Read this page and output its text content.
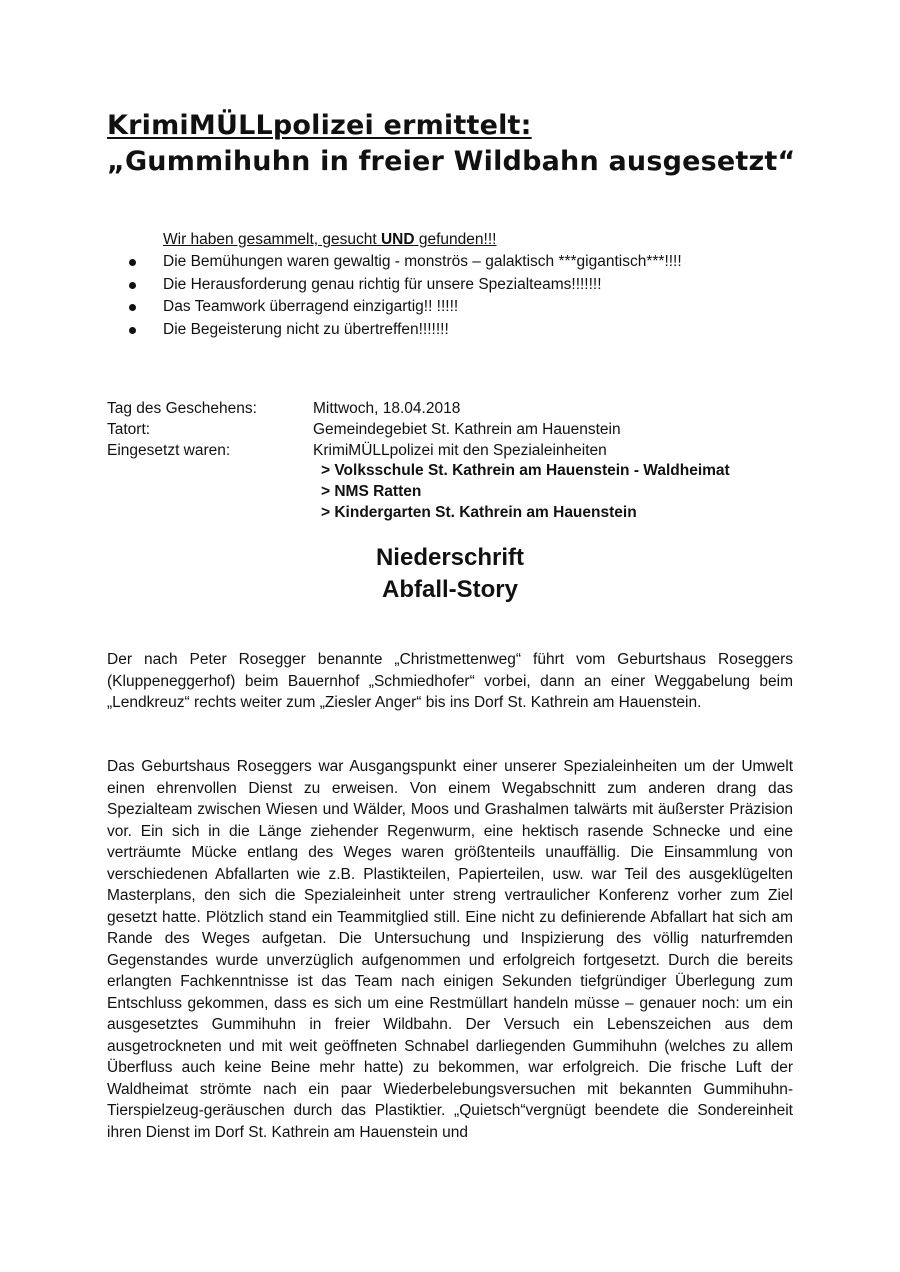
KrimiMÜLLpolizei ermittelt:
„Gummihuhn in freier Wildbahn ausgesetzt“

Wir haben gesammelt, gesucht UND gefunden!!!

Die Bemühungen waren gewaltig - monströs – galaktisch ***gigantisch***!!!!
Die Herausforderung genau richtig für unsere Spezialteams!!!!!!!
Das Teamwork überragend einzigartig!! !!!!!
Die Begeisterung nicht zu übertreffen!!!!!!!
Tag des Geschehens:	Mittwoch, 18.04.2018
Tatort:	Gemeindegebiet St. Kathrein am Hauenstein
Eingesetzt waren:	KrimiMÜLLpolizei mit den Spezialeinheiten
> Volksschule St. Kathrein am Hauenstein - Waldheimat
> NMS Ratten
> Kindergarten St. Kathrein am Hauenstein
Niederschrift
Abfall-Story

Der nach Peter Rosegger benannte „Christmettenweg“ führt vom Geburtshaus Roseggers (Kluppeneggerhof) beim Bauernhof „Schmiedhofer“ vorbei, dann an einer Weggabelung beim „Lendkreuz“ rechts weiter zum „Ziesler Anger“ bis ins Dorf St. Kathrein am Hauenstein.

Das Geburtshaus Roseggers war Ausgangspunkt einer unserer Spezialeinheiten um der Umwelt einen ehrenvollen Dienst zu erweisen. Von einem Wegabschnitt zum anderen drang das Spezialteam zwischen Wiesen und Wälder, Moos und Grashalmen talwärts mit äußerster Präzision vor. Ein sich in die Länge ziehender Regenwurm, eine hektisch rasende Schnecke und eine verträumte Mücke entlang des Weges waren größtenteils unauffällig. Die Einsammlung von verschiedenen Abfallarten wie z.B. Plastikteilen, Papierteilen, usw. war Teil des ausgeklügelten Masterplans, den sich die Spezialeinheit unter streng vertraulicher Konferenz vorher zum Ziel gesetzt hatte. Plötzlich stand ein Teammitglied still. Eine nicht zu definierende Abfallart hat sich am Rande des Weges aufgetan. Die Untersuchung und Inspizierung des völlig naturfremden Gegenstandes wurde unverzüglich aufgenommen und erfolgreich fortgesetzt. Durch die bereits erlangten Fachkenntnisse ist das Team nach einigen Sekunden tiefgründiger Überlegung zum Entschluss gekommen, dass es sich um eine Restmüllart handeln müsse – genauer noch: um ein ausgesetztes Gummihuhn in freier Wildbahn. Der Versuch ein Lebenszeichen aus dem ausgetrockneten und mit weit geöffneten Schnabel darliegenden Gummihuhn (welches zu allem Überfluss auch keine Beine mehr hatte) zu bekommen, war erfolgreich. Die frische Luft der Waldheimat strömte nach ein paar Wiederbelebungsversuchen mit bekannten Gummihuhn-Tierspielzeug-geräuschen durch das Plastiktier. „Quietsch“vergnügt beendete die Sondereinheit ihren Dienst im Dorf St. Kathrein am Hauenstein und
